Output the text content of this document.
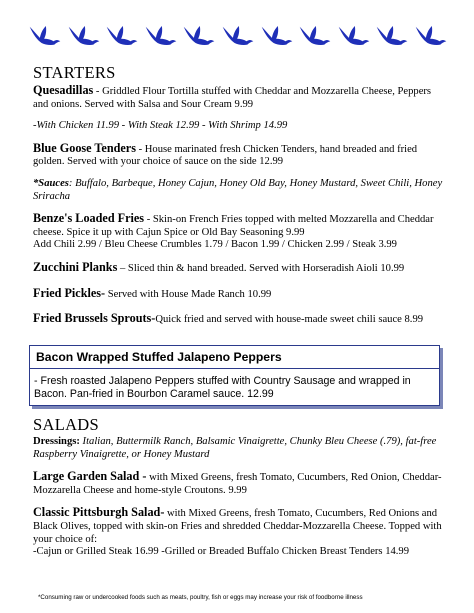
STARTERS
Quesadillas - Griddled Flour Tortilla stuffed with Cheddar and Mozzarella Cheese, Peppers and onions. Served with Salsa and Sour Cream 9.99
-With Chicken 11.99 - With Steak 12.99 - With Shrimp 14.99
Blue Goose Tenders - House marinated fresh Chicken Tenders, hand breaded and fried golden. Served with your choice of sauce on the side 12.99
*Sauces: Buffalo, Barbeque, Honey Cajun, Honey Old Bay, Honey Mustard, Sweet Chili, Honey Sriracha
Benze's Loaded Fries - Skin-on French Fries topped with melted Mozzarella and Cheddar cheese. Spice it up with Cajun Spice or Old Bay Seasoning 9.99
Add Chili 2.99 / Bleu Cheese Crumbles 1.79 / Bacon 1.99 / Chicken 2.99 / Steak 3.99
Zucchini Planks – Sliced thin & hand breaded. Served with Horseradish Aioli 10.99
Fried Pickles- Served with House Made Ranch 10.99
Fried Brussels Sprouts-Quick fried and served with house-made sweet chili sauce 8.99
Bacon Wrapped Stuffed Jalapeno Peppers
- Fresh roasted Jalapeno Peppers stuffed with Country Sausage and wrapped in Bacon. Pan-fried in Bourbon Caramel sauce. 12.99
SALADS
Dressings: Italian, Buttermilk Ranch, Balsamic Vinaigrette, Chunky Bleu Cheese (.79), fat-free Raspberry Vinaigrette, or Honey Mustard
Large Garden Salad - with Mixed Greens, fresh Tomato, Cucumbers, Red Onion, Cheddar-Mozzarella Cheese and home-style Croutons. 9.99
Classic Pittsburgh Salad- with Mixed Greens, fresh Tomato, Cucumbers, Red Onions and Black Olives, topped with skin-on Fries and shredded Cheddar-Mozzarella Cheese. Topped with your choice of:
-Cajun or Grilled Steak 16.99 -Grilled or Breaded Buffalo Chicken Breast Tenders 14.99
*Consuming raw or undercooked foods such as meats, poultry, fish or eggs may increase your risk of foodborne illness
